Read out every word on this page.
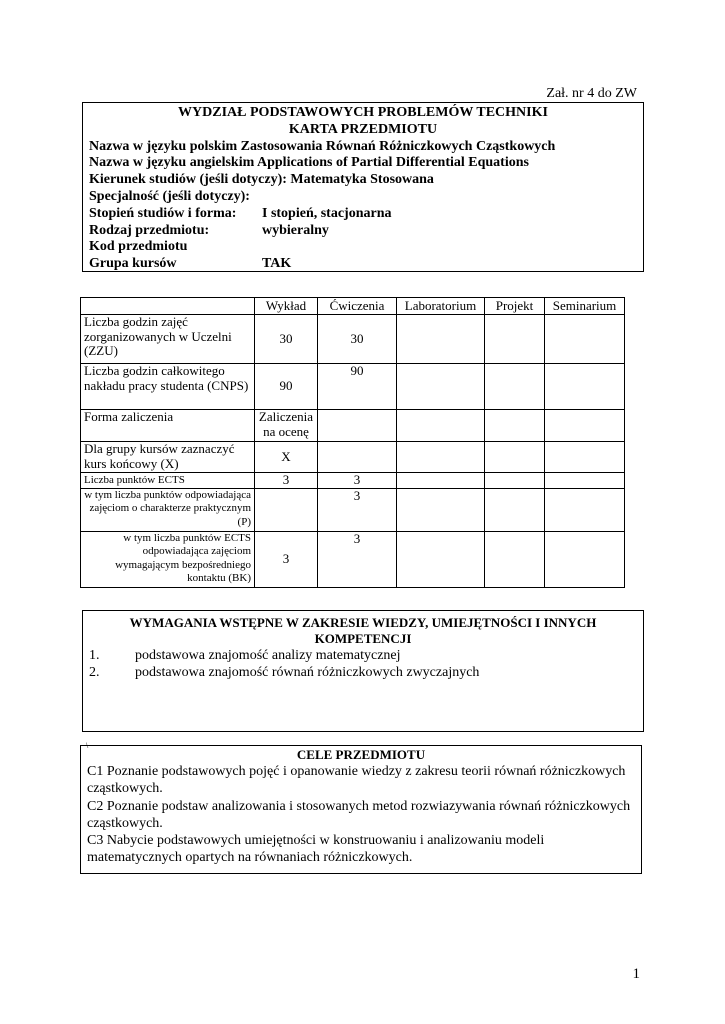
Zał. nr 4 do ZW
WYDZIAŁ PODSTAWOWYCH PROBLEMÓW TECHNIKI
KARTA PRZEDMIOTU
Nazwa w języku polskim Zastosowania Równań Różniczkowych Cząstkowych
Nazwa w języku angielskim Applications of Partial Differential Equations
Kierunek studiów (jeśli dotyczy): Matematyka Stosowana
Specjalność (jeśli dotyczy):
Stopień studiów i forma:	I stopień, stacjonarna
Rodzaj przedmiotu:	wybieralny
Kod przedmiotu
Grupa kursów	TAK
	Wykład	Ćwiczenia	Laboratorium	Projekt	Seminarium
Liczba godzin zajęć zorganizowanych w Uczelni (ZZU)	30	30			
Liczba godzin całkowitego nakładu pracy studenta (CNPS)	90	90			
Forma zaliczenia	Zaliczenia na ocenę				
Dla grupy kursów zaznaczyć kurs końcowy (X)	X				
Liczba punktów ECTS	3	3			
w tym liczba punktów odpowiadająca zajęciom o charakterze praktycznym (P)		3			
w tym liczba punktów ECTS odpowiadająca zajęciom wymagającym bezpośredniego kontaktu (BK)	3	3			
WYMAGANIA WSTĘPNE W ZAKRESIE WIEDZY, UMIEJĘTNOŚCI I INNYCH KOMPETENCJI
1.	podstawowa znajomość analizy matematycznej
2.	podstawowa znajomość równań różniczkowych zwyczajnych
\
CELE PRZEDMIOTU
C1 Poznanie podstawowych pojęć i opanowanie wiedzy z zakresu teorii równań różniczkowych cząstkowych.
C2 Poznanie podstaw analizowania i stosowanych metod rozwiazywania równań różniczkowych cząstkowych.
C3 Nabycie podstawowych umiejętności w konstruowaniu i analizowaniu modeli matematycznych opartych na równaniach różniczkowych.
1
